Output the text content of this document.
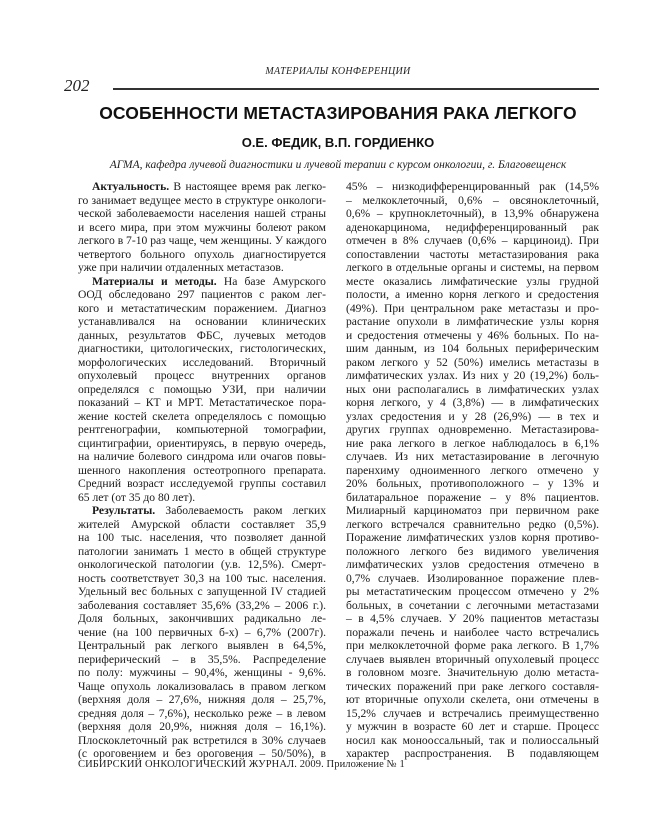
МАТЕРИАЛЫ КОНФЕРЕНЦИИ
202
ОСОБЕННОСТИ МЕТАСТАЗИРОВАНИЯ РАКА ЛЕГКОГО
О.Е. ФЕДИК, В.П. ГОРДИЕНКО
АГМА, кафедра лучевой диагностики и лучевой терапии с курсом онкологии, г. Благовещенск
Актуальность. В настоящее время рак легко-
го занимает ведущее место в структуре онкологи-
ческой заболеваемости населения нашей страны
и всего мира, при этом мужчины болеют раком
легкого в 7-10 раз чаще, чем женщины. У каждого
четвертого больного опухоль диагностируется
уже при наличии отдаленных метастазов.
Материалы и методы. На базе Амурского
ООД обследовано 297 пациентов с раком лег-
кого и метастатическим поражением. Диагноз
устанавливался на основании клинических
данных, результатов ФБС, лучевых методов
диагностики, цитологических, гистологических,
морфологических исследований. Вторичный
опухолевый процесс внутренних органов
определялся с помощью УЗИ, при наличии
показаний – КТ и МРТ. Метастатическое пора-
жение костей скелета определялось с помощью
рентгенографии, компьютерной томографии,
сцинтиграфии, ориентируясь, в первую очередь,
на наличие болевого синдрома или очагов повы-
шенного накопления остеотропного препарата.
Средний возраст исследуемой группы составил
65 лет (от 35 до 80 лет).
Результаты. Заболеваемость раком легких
жителей Амурской области составляет 35,9
на 100 тыс. населения, что позволяет данной
патологии занимать 1 место в общей структуре
онкологической патологии (у.в. 12,5%). Смерт-
ность соответствует 30,3 на 100 тыс. населения.
Удельный вес больных с запущенной IV стадией
заболевания составляет 35,6% (33,2% – 2006 г.).
Доля больных, закончивших радикально ле-
чение (на 100 первичных б-х) – 6,7% (2007г).
Центральный рак легкого выявлен в 64,5%,
периферический – в 35,5%. Распределение
по полу: мужчины – 90,4%, женщины - 9,6%.
Чаще опухоль локализовалась в правом легком
(верхняя доля – 27,6%, нижняя доля – 25,7%,
средняя доля – 7,6%), несколько реже – в левом
(верхняя доля 20,9%, нижняя доля – 16,1%).
Плоскоклеточный рак встретился в 30% случаев
(с ороговением и без ороговения – 50/50%), в
45% – низкодифференцированный рак (14,5%
– мелкоклеточный, 0,6% – овсяноклеточный,
0,6% – крупноклеточный), в 13,9% обнаружена
аденокарцинома, недифференцированный рак
отмечен в 8% случаев (0,6% – карциноид). При
сопоставлении частоты метастазирования рака
легкого в отдельные органы и системы, на первом
месте оказались лимфатические узлы грудной
полости, а именно корня легкого и средостения
(49%). При центральном раке метастазы и про-
растание опухоли в лимфатические узлы корня
и средостения отмечены у 46% больных. По на-
шим данным, из 104 больных периферическим
раком легкого у 52 (50%) имелись метастазы в
лимфатических узлах. Из них у 20 (19,2%) боль-
ных они располагались в лимфатических узлах
корня легкого, у 4 (3,8%) — в лимфатических
узлах средостения и у 28 (26,9%) — в тех и
других группах одновременно. Метастазирова-
ние рака легкого в легкое наблюдалось в 6,1%
случаев. Из них метастазирование в легочную
паренхиму одноименного легкого отмечено у
20% больных, противоположного – у 13% и
билатаральное поражение – у 8% пациентов.
Милиарный карциноматоз при первичном раке
легкого встречался сравнительно редко (0,5%).
Поражение лимфатических узлов корня противо-
положного легкого без видимого увеличения
лимфатических узлов средостения отмечено в
0,7% случаев. Изолированное поражение плев-
ры метастатическим процессом отмечено у 2%
больных, в сочетании с легочными метастазами
– в 4,5% случаев. У 20% пациентов метастазы
поражали печень и наиболее часто встречались
при мелкоклеточной форме рака легкого. В 1,7%
случаев выявлен вторичный опухолевый процесс
в головном мозге. Значительную долю метаста-
тических поражений при раке легкого составля-
ют вторичные опухоли скелета, они отмечены в
15,2% случаев и встречались преимущественно
у мужчин в возрасте 60 лет и старше. Процесс
носил как моноосcальный, так и полиоссальный
характер распространения. В подавляющем
СИБИРСКИЙ ОНКОЛОГИЧЕСКИЙ ЖУРНАЛ. 2009. Приложение № 1
